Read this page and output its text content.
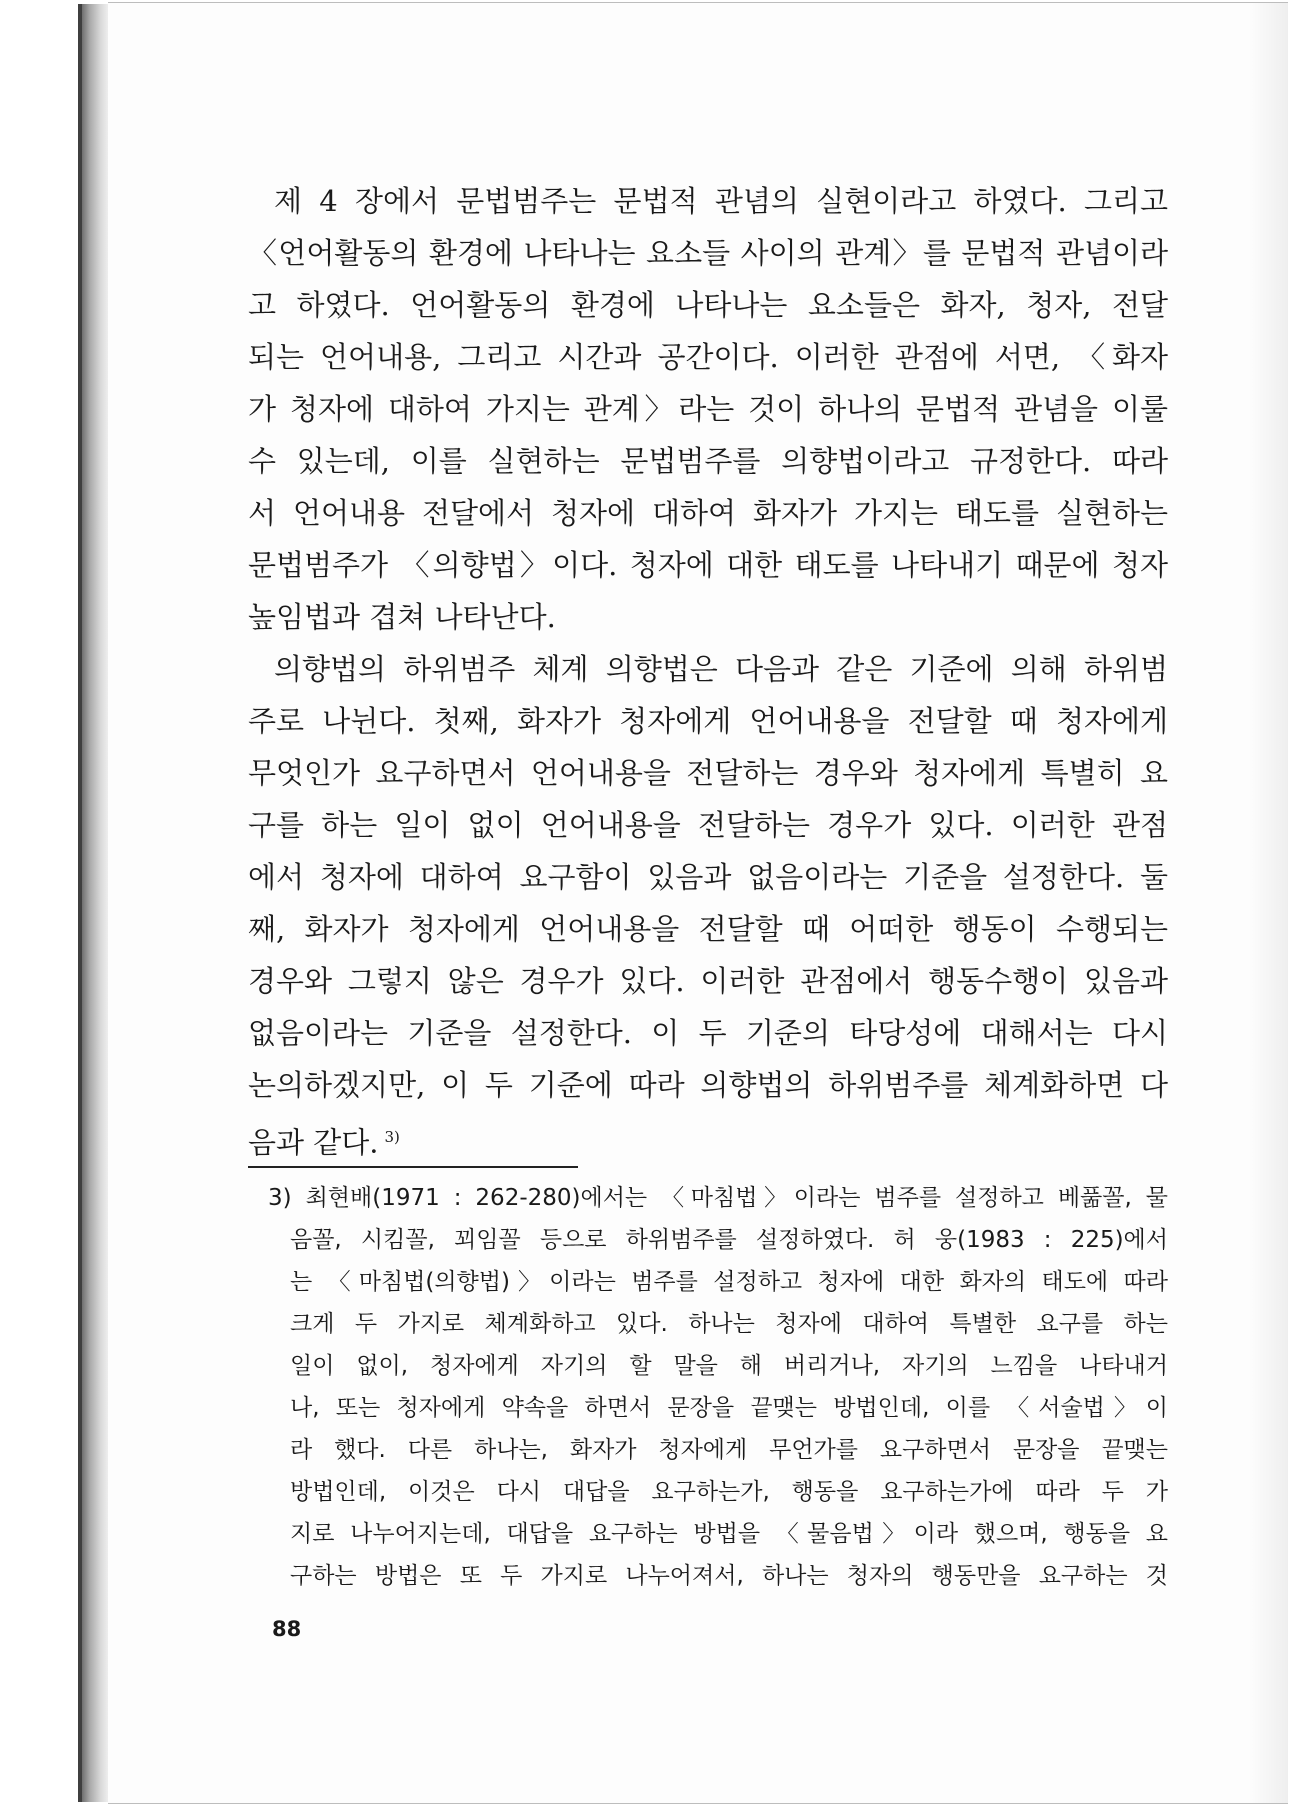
제 4 장에서 문법범주는 문법적 관념의 실현이라고 하였다. 그리고
〈언어활동의 환경에 나타나는 요소들 사이의 관계〉를 문법적 관념이라
고 하였다. 언어활동의 환경에 나타나는 요소들은 화자, 청자, 전달
되는 언어내용, 그리고 시간과 공간이다. 이러한 관점에 서면, 〈화자
가 청자에 대하여 가지는 관계〉라는 것이 하나의 문법적 관념을 이룰
수 있는데, 이를 실현하는 문법범주를 의향법이라고 규정한다. 따라
서 언어내용 전달에서 청자에 대하여 화자가 가지는 태도를 실현하는
문법범주가 〈의향법〉이다. 청자에 대한 태도를 나타내기 때문에 청자
높임법과 겹쳐 나타난다.
의향법의 하위범주 체계 의향법은 다음과 같은 기준에 의해 하위범
주로 나뉜다. 첫째, 화자가 청자에게 언어내용을 전달할 때 청자에게
무엇인가 요구하면서 언어내용을 전달하는 경우와 청자에게 특별히 요
구를 하는 일이 없이 언어내용을 전달하는 경우가 있다. 이러한 관점
에서 청자에 대하여 요구함이 있음과 없음이라는 기준을 설정한다. 둘
째, 화자가 청자에게 언어내용을 전달할 때 어떠한 행동이 수행되는
경우와 그렇지 않은 경우가 있다. 이러한 관점에서 행동수행이 있음과
없음이라는 기준을 설정한다. 이 두 기준의 타당성에 대해서는 다시
논의하겠지만, 이 두 기준에 따라 의향법의 하위범주를 체계화하면 다
음과 같다. $^{3)}$
3) 최현배(1971 : 262-280)에서는 〈마침법〉이라는 범주를 설정하고 베풂꼴, 물
음꼴, 시킴꼴, 꾀임꼴 등으로 하위범주를 설정하였다. 허 웅(1983 : 225)에서
는 〈마침법(의향법)〉이라는 범주를 설정하고 청자에 대한 화자의 태도에 따라
크게 두 가지로 체계화하고 있다. 하나는 청자에 대하여 특별한 요구를 하는
일이 없이, 청자에게 자기의 할 말을 해 버리거나, 자기의 느낌을 나타내거
나, 또는 청자에게 약속을 하면서 문장을 끝맺는 방법인데, 이를 〈서술법〉이
라 했다. 다른 하나는, 화자가 청자에게 무언가를 요구하면서 문장을 끝맺는
방법인데, 이것은 다시 대답을 요구하는가, 행동을 요구하는가에 따라 두 가
지로 나누어지는데, 대답을 요구하는 방법을 〈물음법〉이라 했으며, 행동을 요
구하는 방법은 또 두 가지로 나누어져서, 하나는 청자의 행동만을 요구하는 것
88
